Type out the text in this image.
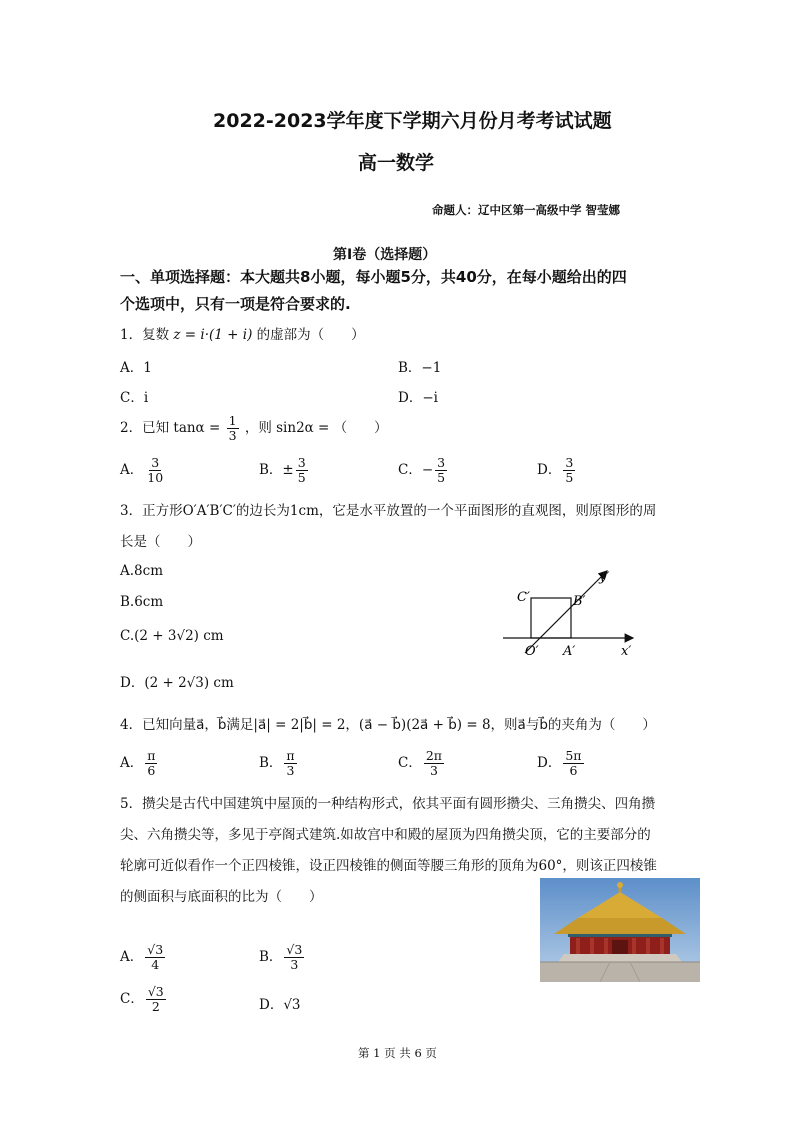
2022-2023学年度下学期六月份月考考试试题
高一数学
命题人：辽中区第一高级中学 智莹娜
第Ⅰ卷（选择题）
一、单项选择题：本大题共8小题，每小题5分，共40分，在每小题给出的四
个选项中，只有一项是符合要求的.
1．复数 z = i·(1 + i) 的虚部为（　　）
A．1	B．−1
C．i	D．−i
2．已知 $\tan\alpha = \frac{1}{3}$ ，则 sin2α = （　　）
A． $\frac{3}{10}$	B．± $\frac{3}{5}$	C．− $\frac{3}{5}$	D． $\frac{3}{5}$
3．正方形O′A′B′C′的边长为1cm，它是水平放置的一个平面图形的直观图，则原图形的周
长是（　　）
A.8cm
B.6cm
C.(2 + 3√2) cm
D．(2 + 2√3) cm
y′
x′
C′	B′
O′ A′
4．已知向量a⃗，b⃗满足|a⃗| = 2|b⃗| = 2，(a⃗ − b⃗)(2a⃗ + b⃗) = 8，则a⃗与b⃗的夹角为（　　）
A． $\frac{\pi}{6}$	B． $\frac{\pi}{3}$	C． $\frac{2\pi}{3}$	D． $\frac{5\pi}{6}$
5．攒尖是古代中国建筑中屋顶的一种结构形式，依其平面有圆形攒尖、三角攒尖、四角攒
尖、六角攒尖等，多见于亭阁式建筑.如故宫中和殿的屋顶为四角攒尖顶，它的主要部分的
轮廓可近似看作一个正四棱锥，设正四棱锥的侧面等腰三角形的顶角为60°，则该正四棱锥
的侧面积与底面积的比为（　　）
A． $\frac{√3}{4}$	B． $\frac{√3}{3}$
C． $\frac{√3}{2}$	D．√3
第 1 页 共 6 页
